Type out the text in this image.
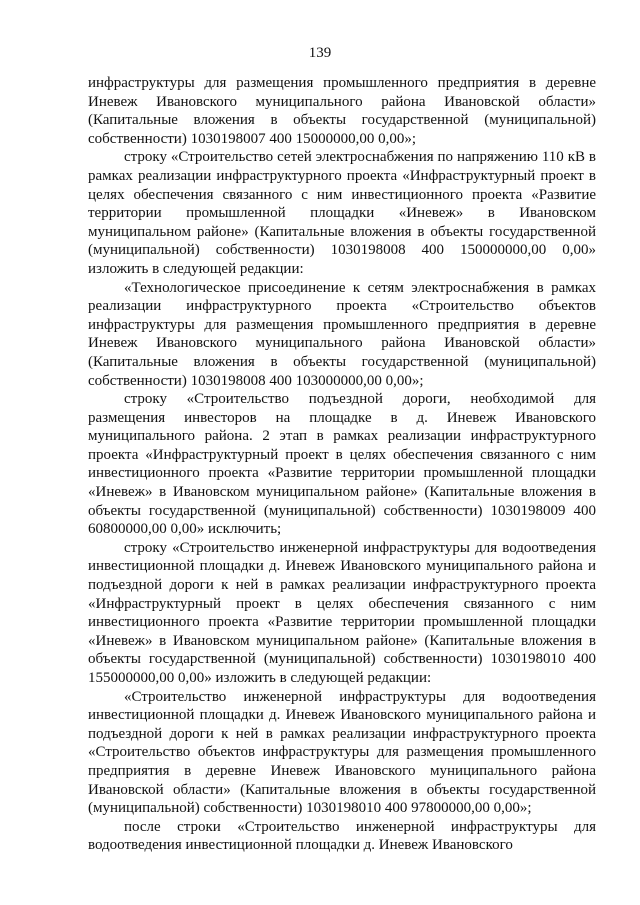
139

инфраструктуры для размещения промышленного предприятия в деревне Иневеж Ивановского муниципального района Ивановской области» (Капитальные вложения в объекты государственной (муниципальной) собственности) 1030198007 400 15000000,00 0,00»;

строку «Строительство сетей электроснабжения по напряжению 110 кВ в рамках реализации инфраструктурного проекта «Инфраструктурный проект в целях обеспечения связанного с ним инвестиционного проекта «Развитие территории промышленной площадки «Иневеж» в Ивановском муниципальном районе» (Капитальные вложения в объекты государственной (муниципальной) собственности) 1030198008 400 150000000,00 0,00» изложить в следующей редакции:

«Технологическое присоединение к сетям электроснабжения в рамках реализации инфраструктурного проекта «Строительство объектов инфраструктуры для размещения промышленного предприятия в деревне Иневеж Ивановского муниципального района Ивановской области» (Капитальные вложения в объекты государственной (муниципальной) собственности) 1030198008 400 103000000,00 0,00»;

строку «Строительство подъездной дороги, необходимой для размещения инвесторов на площадке в д. Иневеж Ивановского муниципального района. 2 этап в рамках реализации инфраструктурного проекта «Инфраструктурный проект в целях обеспечения связанного с ним инвестиционного проекта «Развитие территории промышленной площадки «Иневеж» в Ивановском муниципальном районе» (Капитальные вложения в объекты государственной (муниципальной) собственности) 1030198009 400 60800000,00 0,00» исключить;

строку «Строительство инженерной инфраструктуры для водоотведения инвестиционной площадки д. Иневеж Ивановского муниципального района и подъездной дороги к ней в рамках реализации инфраструктурного проекта «Инфраструктурный проект в целях обеспечения связанного с ним инвестиционного проекта «Развитие территории промышленной площадки «Иневеж» в Ивановском муниципальном районе» (Капитальные вложения в объекты государственной (муниципальной) собственности) 1030198010 400 155000000,00 0,00» изложить в следующей редакции:

«Строительство инженерной инфраструктуры для водоотведения инвестиционной площадки д. Иневеж Ивановского муниципального района и подъездной дороги к ней в рамках реализации инфраструктурного проекта «Строительство объектов инфраструктуры для размещения промышленного предприятия в деревне Иневеж Ивановского муниципального района Ивановской области» (Капитальные вложения в объекты государственной (муниципальной) собственности) 1030198010 400 97800000,00 0,00»;

после строки «Строительство инженерной инфраструктуры для водоотведения инвестиционной площадки д. Иневеж Ивановского
